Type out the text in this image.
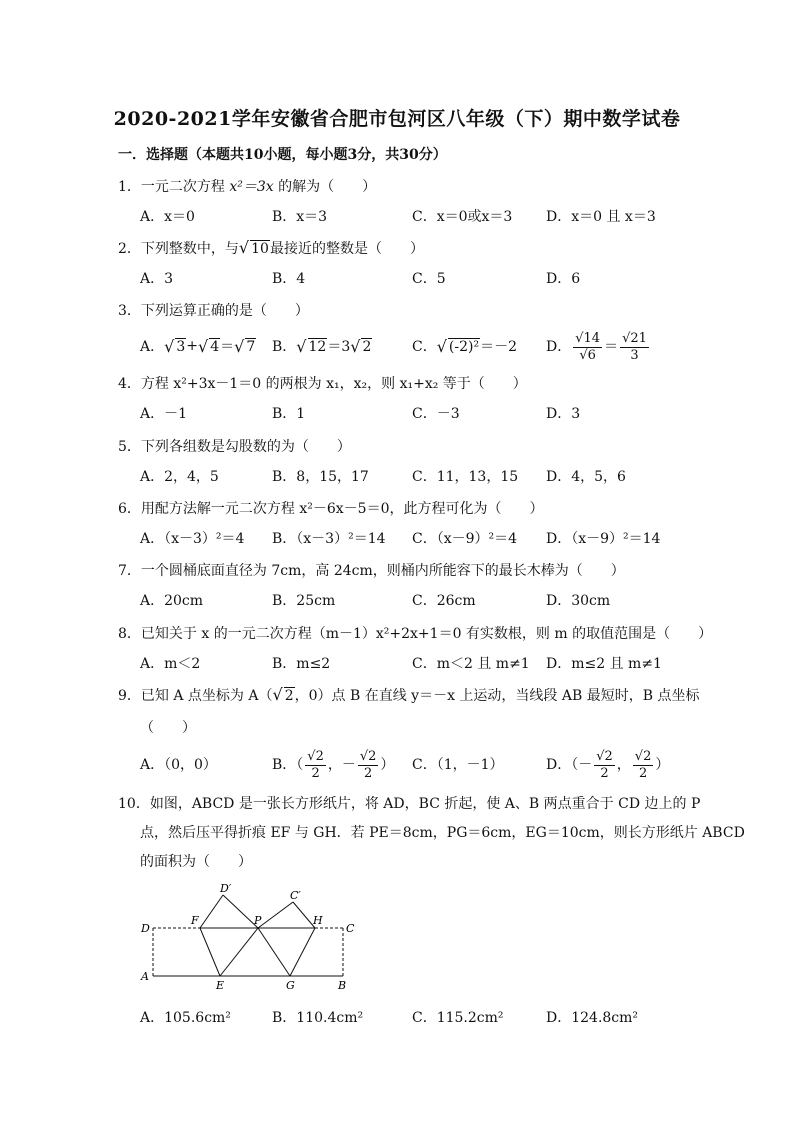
2020-2021学年安徽省合肥市包河区八年级（下）期中数学试卷
一．选择题（本题共10小题，每小题3分，共30分）
1．一元二次方程 x²＝3x 的解为（　　）
A．x＝0	B．x＝3	C．x＝0或x＝3 D．x＝0 且 x＝3
2．下列整数中，与√ 10最接近的整数是（　　）
A．3	B．4	C．5	D．6
3．下列运算正确的是（　　）
A． √ 3 + √ 4 ＝ √ 7 B． √ 12 ＝3 √ 2	C． √ (-2)² ＝－2 D． $\frac{√14}{√6} = \frac{√21}{3}$
4．方程 x²+3x－1＝0 的两根为 x₁，x₂，则 x₁+x₂ 等于（　　）
A．－1	B．1	C．－3	D．3
5．下列各组数是勾股数的为（　　）
A．2，4，5	B．8，15，17	C．11，13，15 D．4，5，6
6．用配方法解一元二次方程 x²－6x－5＝0，此方程可化为（　　）
A．（x－3）²＝4 B．（x－3）²＝14 C．（x－9）²＝4 D．（x－9）²＝14
7．一个圆桶底面直径为 7cm，高 24cm，则桶内所能容下的最长木棒为（　　）
A．20cm	B．25cm	C．26cm	D．30cm
8．已知关于 x 的一元二次方程（m－1）x²+2x+1＝0 有实数根，则 m 的取值范围是（　　）
A．m＜2	B．m≤2	C．m＜2 且 m≠1 D．m≤2 且 m≠1
9．已知 A 点坐标为 A（√ 2，0）点 B 在直线 y＝－x 上运动，当线段 AB 最短时，B 点坐标
（　　）
A．（0，0）	B．（ $\frac{√2}{2}$ ，－ $\frac{√2}{2}$ ） C．（1，－1）	D．（－ $\frac{√2}{2}$ ， $\frac{√2}{2}$ ）
10．如图，ABCD 是一张长方形纸片，将 AD，BC 折起，使 A、B 两点重合于 CD 边上的 P
点，然后压平得折痕 EF 与 GH．若 PE＝8cm，PG＝6cm，EG＝10cm，则长方形纸片 ABCD
的面积为（　　）
D′
C′
D
F	P	H
C
A
E	G	B
A．105.6cm²	B．110.4cm²	C．115.2cm²	D．124.8cm²
